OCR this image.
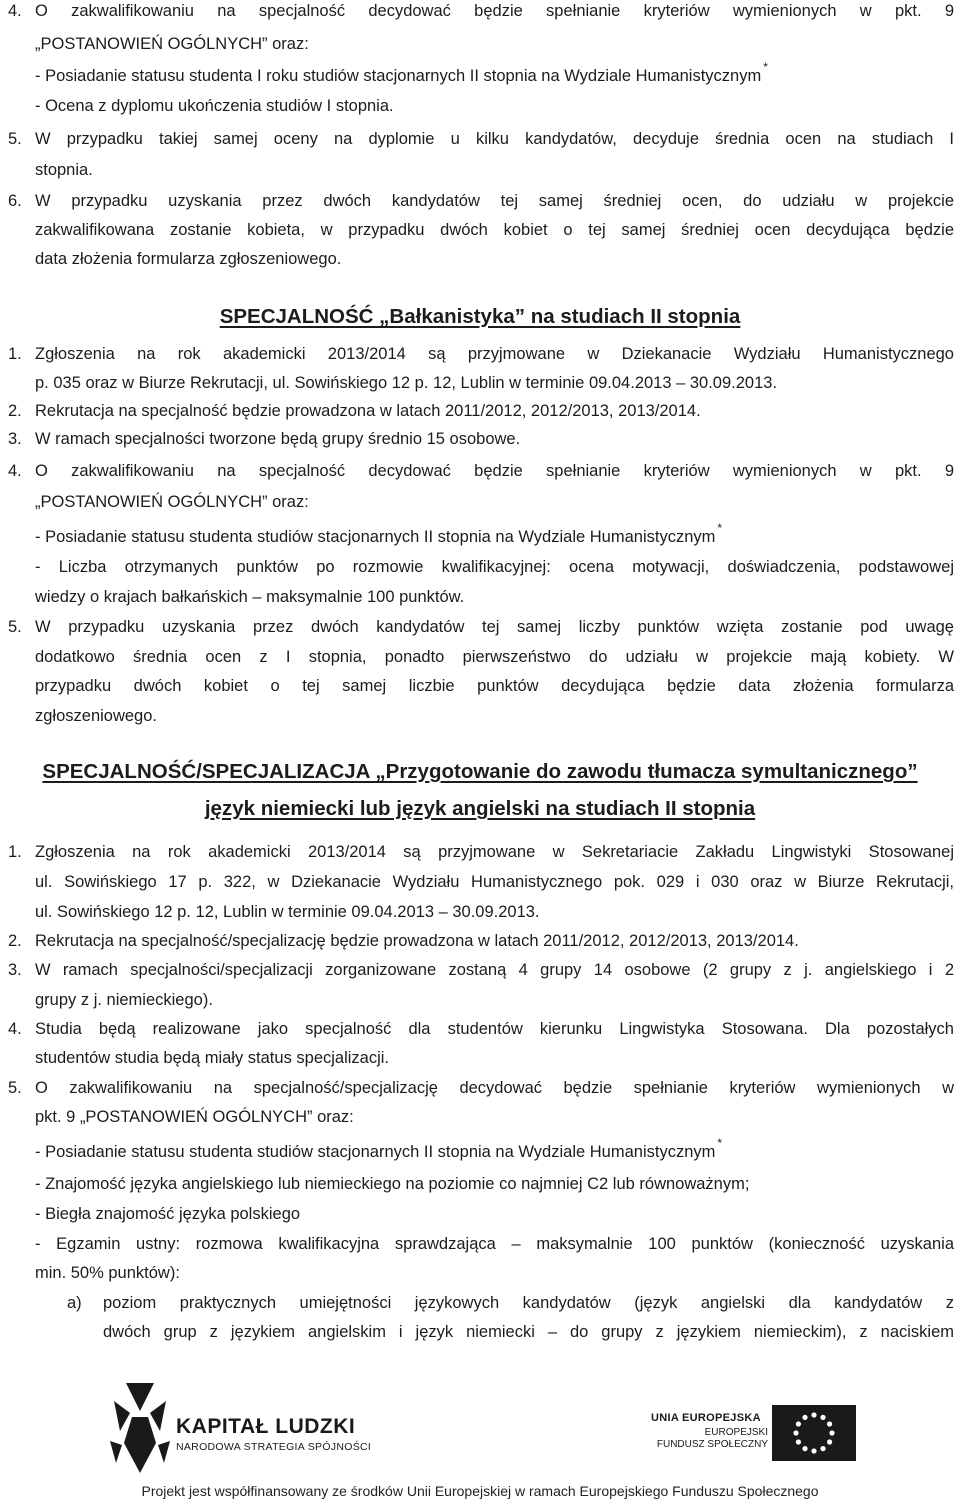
4. O zakwalifikowaniu na specjalność decydować będzie spełnianie kryteriów wymienionych w pkt. 9
„POSTANOWIEŃ OGÓLNYCH” oraz:
- Posiadanie statusu studenta I roku studiów stacjonarnych II stopnia na Wydziale Humanistycznym *
- Ocena z dyplomu ukończenia studiów I stopnia.
5. W przypadku takiej samej oceny na dyplomie u kilku kandydatów, decyduje średnia ocen na studiach I
stopnia.
6. W przypadku uzyskania przez dwóch kandydatów tej samej średniej ocen, do udziału w projekcie
zakwalifikowana zostanie kobieta, w przypadku dwóch kobiet o tej samej średniej ocen decydująca będzie
data złożenia formularza zgłoszeniowego.
SPECJALNOŚĆ „Bałkanistyka” na studiach II stopnia
1. Zgłoszenia na rok akademicki 2013/2014 są przyjmowane w Dziekanacie Wydziału Humanistycznego
p. 035 oraz w Biurze Rekrutacji, ul. Sowińskiego 12 p. 12, Lublin w terminie 09.04.2013 – 30.09.2013.
2. Rekrutacja na specjalność będzie prowadzona w latach 2011/2012, 2012/2013, 2013/2014.
3. W ramach specjalności tworzone będą grupy średnio 15 osobowe.
4. O zakwalifikowaniu na specjalność decydować będzie spełnianie kryteriów wymienionych w pkt. 9
„POSTANOWIEŃ OGÓLNYCH” oraz:
- Posiadanie statusu studenta studiów stacjonarnych II stopnia na Wydziale Humanistycznym *
- Liczba otrzymanych punktów po rozmowie kwalifikacyjnej: ocena motywacji, doświadczenia, podstawowej
wiedzy o krajach bałkańskich – maksymalnie 100 punktów.
5. W przypadku uzyskania przez dwóch kandydatów tej samej liczby punktów wzięta zostanie pod uwagę
dodatkowo średnia ocen z I stopnia, ponadto pierwszeństwo do udziału w projekcie mają kobiety. W
przypadku dwóch kobiet o tej samej liczbie punktów decydująca będzie data złożenia formularza
zgłoszeniowego.
SPECJALNOŚĆ/SPECJALIZACJA „Przygotowanie do zawodu tłumacza symultanicznego”
język niemiecki lub język angielski na studiach II stopnia
1. Zgłoszenia na rok akademicki 2013/2014 są przyjmowane w Sekretariacie Zakładu Lingwistyki Stosowanej
ul. Sowińskiego 17 p. 322, w Dziekanacie Wydziału Humanistycznego pok. 029 i 030 oraz w Biurze Rekrutacji,
ul. Sowińskiego 12 p. 12, Lublin w terminie 09.04.2013 – 30.09.2013.
2. Rekrutacja na specjalność/specjalizację będzie prowadzona w latach 2011/2012, 2012/2013, 2013/2014.
3. W ramach specjalności/specjalizacji zorganizowane zostaną 4 grupy 14 osobowe (2 grupy z j. angielskiego i 2
grupy z j. niemieckiego).
4. Studia będą realizowane jako specjalność dla studentów kierunku Lingwistyka Stosowana. Dla pozostałych
studentów studia będą miały status specjalizacji.
5. O zakwalifikowaniu na specjalność/specjalizację decydować będzie spełnianie kryteriów wymienionych w
pkt. 9 „POSTANOWIEŃ OGÓLNYCH” oraz:
- Posiadanie statusu studenta studiów stacjonarnych II stopnia na Wydziale Humanistycznym *
- Znajomość języka angielskiego lub niemieckiego na poziomie co najmniej C2 lub równoważnym;
- Biegła znajomość języka polskiego
- Egzamin ustny: rozmowa kwalifikacyjna sprawdzająca – maksymalnie 100 punktów (konieczność uzyskania
min. 50% punktów):
a) poziom praktycznych umiejętności językowych kandydatów (język angielski dla kandydatów z
dwóch grup z językiem angielskim i język niemiecki – do grupy z językiem niemieckim), z naciskiem
KAPITAŁ LUDZKI
NARODOWA STRATEGIA SPÓJNOŚCI
UNIA EUROPEJSKA
EUROPEJSKI
FUNDUSZ SPOŁECZNY
Projekt jest współfinansowany ze środków Unii Europejskiej w ramach Europejskiego Funduszu Społecznego
